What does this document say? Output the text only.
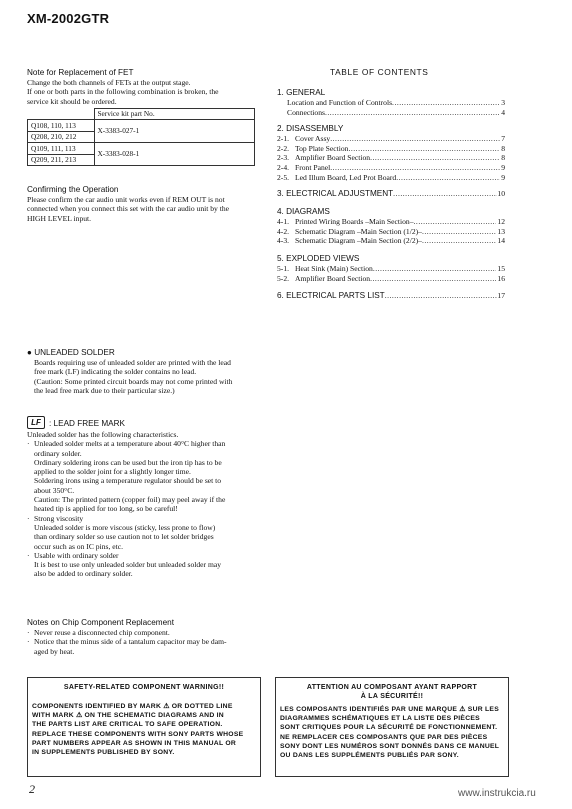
XM-2002GTR
Note for Replacement of FET
Change the both channels of FETs at the output stage.
If one or both parts in the following combination is broken, the
service kit should be ordered.
	Service kit part No.
Q108, 110, 113	X-3383-027-1
Q208, 210, 212	
Q109, 111, 113	X-3383-028-1
Q209, 211, 213	
Confirming the Operation
Please confirm the car audio unit works even if REM OUT is not
connected when you connect this set with the car audio unit by the
HIGH LEVEL input.
TABLE OF CONTENTS
1. GENERAL
Location and Function of Controls .....	3
Connections .....	4
2. DISASSEMBLY
2-1. Cover Assy .....	7
2-2. Top Plate Section .....	8
2-3. Amplifier Board Section .....	8
2-4. Front Panel .....	9
2-5. Led Illum Board, Led Prot Board .....	9
3. ELECTRICAL ADJUSTMENT .....	10
4. DIAGRAMS
4-1. Printed Wiring Boards –Main Section– .....	12
4-2. Schematic Diagram –Main Section (1/2)– .....	13
4-3. Schematic Diagram –Main Section (2/2)– .....	14
5. EXPLODED VIEWS
5-1. Heat Sink (Main) Section .....	15
5-2. Amplifier Board Section .....	16
6. ELECTRICAL PARTS LIST .....	17
● UNLEADED SOLDER
Boards requiring use of unleaded solder are printed with the lead
free mark (LF) indicating the solder contains no lead.
(Caution: Some printed circuit boards may not come printed with
the lead free mark due to their particular size.)
LF : LEAD FREE MARK
Unleaded solder has the following characteristics.
· Unleaded solder melts at a temperature about 40°C higher than
ordinary solder.
Ordinary soldering irons can be used but the iron tip has to be
applied to the solder joint for a slightly longer time.
Soldering irons using a temperature regulator should be set to
about 350°C.
Caution: The printed pattern (copper foil) may peel away if the
heated tip is applied for too long, so be careful!
· Strong viscosity
Unleaded solder is more viscous (sticky, less prone to flow)
than ordinary solder so use caution not to let solder bridges
occur such as on IC pins, etc.
· Usable with ordinary solder
It is best to use only unleaded solder but unleaded solder may
also be added to ordinary solder.
Notes on Chip Component Replacement
· Never reuse a disconnected chip component.
· Notice that the minus side of a tantalum capacitor may be dam-
aged by heat.
SAFETY-RELATED COMPONENT WARNING!!
COMPONENTS IDENTIFIED BY MARK ⚠ OR DOTTED LINE
WITH MARK ⚠ ON THE SCHEMATIC DIAGRAMS AND IN
THE PARTS LIST ARE CRITICAL TO SAFE OPERATION.
REPLACE THESE COMPONENTS WITH SONY PARTS WHOSE
PART NUMBERS APPEAR AS SHOWN IN THIS MANUAL OR
IN SUPPLEMENTS PUBLISHED BY SONY.
ATTENTION AU COMPOSANT AYANT RAPPORT
À LA SÉCURITÉ!!
LES COMPOSANTS IDENTIFIÉS PAR UNE MARQUE ⚠ SUR LES
DIAGRAMMES SCHÉMATIQUES ET LA LISTE DES PIÈCES
SONT CRITIQUES POUR LA SÉCURITÉ DE FONCTIONNEMENT.
NE REMPLACER CES COMPOSANTS QUE PAR DES PIÈCES
SONY DONT LES NUMÉROS SONT DONNÉS DANS CE MANUEL
OU DANS LES SUPPLÉMENTS PUBLIÉS PAR SONY.
2	www.instrukcia.ru
